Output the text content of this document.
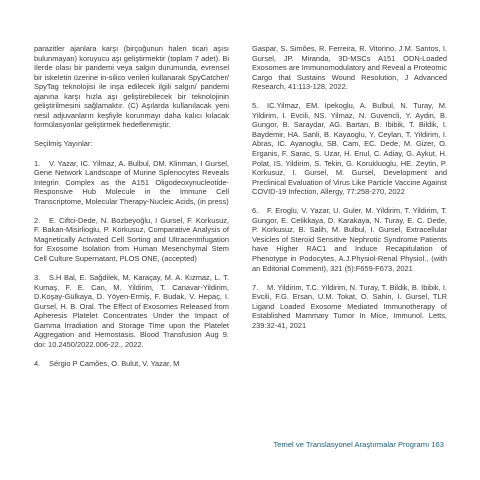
parazitler ajanlara karşı (birçoğunun halen ticari aşısı bulunmayan) koruyucu aşı geliştirmektir (toplam 7 adet). Bi İlerde olası bir pandemi veya salgın durumunda, evrensel bir iskeletin üzerine in-silico verileri kullanarak SpyCatcher/ SpyTag teknolojisi ile inşa edilecek ilgili salgın/ pandemi ajanına karşı hızla aşı geliştirebilecek bir teknolojinin geliştirilmesini sağlamaktır. (C) Aşılarda kullanılacak yeni nesil adjuvanların keşfiyle korunmayı daha kalıcı kılacak formülasyonlar geliştirmek hedeflenmiştir.

Seçilmiş Yayınlar:

1. V. Yazar, IC. Yilmaz, A. Bulbul, DM. Klinman, I Gursel, Gene Network Landscape of Murine Splenocytes Reveals Integrin Complex as the A151 Oligodeoxynucleotide-Responsive Hub Molecule in the Immune Cell Transcriptome, Molecular Therapy-Nucleic Acids, (in press)

2. E. Ciftci-Dede, N. Bozbeyoğlu, I Gursel, F. Korkusuz, F. Bakan-Misirlioglu, P. Korkusuz, Comparative Analysis of Magnetically Activated Cell Sorting and Ultracentrifugation for Exosome Isolation from Human Mesenchymal Stem Cell Culture Supernatant, PLOS ONE, (accepted)

3. S.H Bal, E. Sağdilek, M. Karaçay, M. A. Kızmaz, L. T. Kumaş, F. E. Can, M. Yildirim, T. Canavar-Yildirim, D.Koşay-Gülkaya, D. Yöyen-Ermiş, F. Budak, V. Hepaç, I. Gursel, H. B. Oral. The Effect of Exosomes Released from Apheresis Platelet Concentrates Under the Impact of Gamma Irradiation and Storage Time upon the Platelet Aggregation and Hemostasis. Blood Transfusion Aug 9. doi: 10.2450/2022.006-22., 2022.

4. Sérgio P Camões, O. Bulut, V. Yazar, M

Gaspar, S. Simões, R. Ferreira, R. Vitorino, J M. Santos, I. Gursel, JP. Miranda, 3D-MSCs A151 ODN-Loaded Exosomes are Immunomodulatory and Reveal a Proteomic Cargo that Sustains Wound Resolution, J Advanced Research, 41:113-128, 2022.

5. IC.Yilmaz, EM. Ipekoglu, A. Bulbul, N. Turay, M. Yildirim, I. Evcili, NS. Yilmaz, N. Guvencli, Y. Aydin, B. Gungor, B. Saraydar, AG. Bartan, B. Ibibik, T. Bildik, I. Baydemir, HA. Sanli, B. Kayaoglu, Y. Ceylan, T. Yildirim, I. Abras, IC. Ayanoglu, SB. Cam, EC. Dede, M. Gizer, O. Erganis, F. Sarac, S. Uzar, H. Enul, C. Adiay, G. Aykut, H. Polat, IS. Yildirim, S. Tekin, G. Korukluoglu, HE. Zeytin, P. Korkusuz, I. Gursel, M. Gursel, Development and Preclinical Evaluation of Virus Like Particle Vaccine Against COVID-19 Infection, Allergy, 77:258-270, 2022

6. F. Eroglu, V. Yazar, U. Guler, M. Yildirim, T. Yildirim, T. Gungor, E. Celikkaya, D. Karakaya, N. Turay, E. C. Dede, P. Korkusuz, B. Salih, M. Bulbul, I. Gursel, Extracellular Vesicles of Steroid Sensitive Nephrotic Syndrome Patients have Higher RAC1 and Induce Recapitulation of Phenotype in Podocytes, A.J.Physiol-Renal Physiol., (with an Editorial Comment), 321 (5):F659-F673, 2021

7. M. Yildirim, T.C. Yildirim, N. Turay, T. Bildik, B. Ibibik, I. Evcili, F.G. Ersan, U.M. Tokat, O. Sahin, I. Gursel, TLR Ligand Loaded Exosome Mediated Immunotherapy of Established Mammary Tumor In Mice, Immunol. Letts, 239:32-41, 2021

Temel ve Translasyonel Araştırmalar Programı 163
